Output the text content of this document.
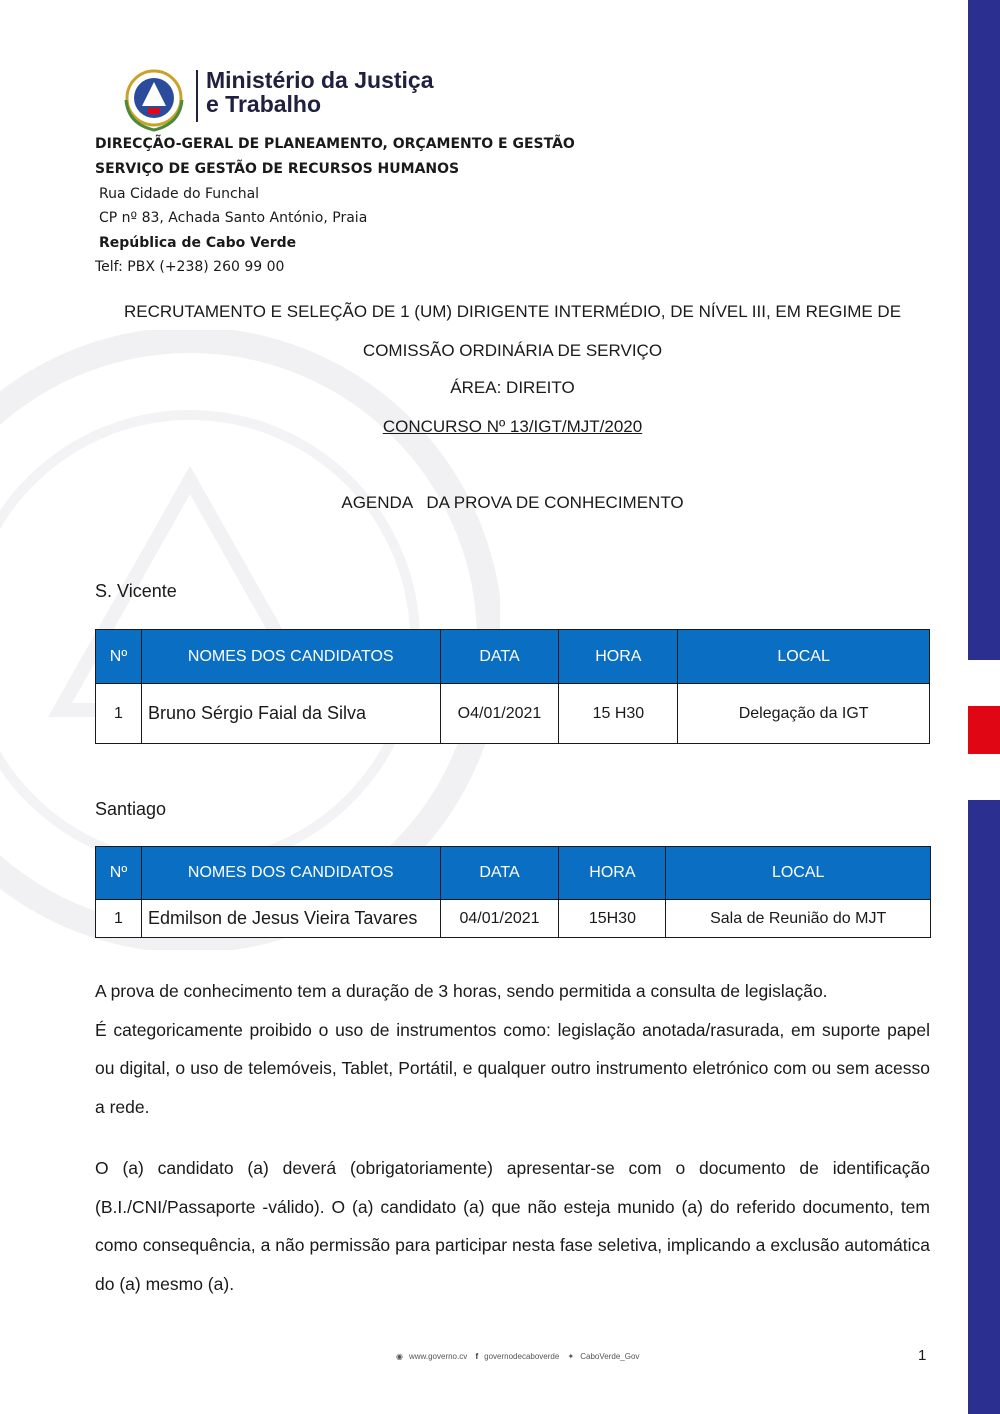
Ministério da Justiça
e Trabalho
DIRECÇÃO-GERAL DE PLANEAMENTO, ORÇAMENTO E GESTÃO
SERVIÇO DE GESTÃO DE RECURSOS HUMANOS
Rua Cidade do Funchal
CP nº 83, Achada Santo António, Praia
República de Cabo Verde
Telf: PBX (+238) 260 99 00
RECRUTAMENTO E SELEÇÃO DE 1 (UM) DIRIGENTE INTERMÉDIO, DE NÍVEL III, EM REGIME DE
COMISSÃO ORDINÁRIA DE SERVIÇO
ÁREA: DIREITO
CONCURSO Nº 13/IGT/MJT/2020
AGENDA   DA PROVA DE CONHECIMENTO
S. Vicente
Nº	NOMES DOS CANDIDATOS	DATA	HORA	LOCAL
1	Bruno Sérgio Faial da Silva	O4/01/2021	15 H30	Delegação da IGT
Santiago
Nº	NOMES DOS CANDIDATOS	DATA	HORA	LOCAL
1	Edmilson de Jesus Vieira Tavares	04/01/2021	15H30	Sala de Reunião do MJT

A prova de conhecimento tem a duração de 3 horas, sendo permitida a consulta de legislação.

É categoricamente proibido o uso de instrumentos como: legislação anotada/rasurada, em suporte papel ou digital, o uso de telemóveis, Tablet, Portátil, e qualquer outro instrumento eletrónico com ou sem acesso a rede.

O (a) candidato (a) deverá (obrigatoriamente) apresentar-se com o documento de identificação (B.I./CNI/Passaporte -válido). O (a) candidato (a) que não esteja munido (a) do referido documento, tem como consequência, a não permissão para participar nesta fase seletiva, implicando a exclusão automática do (a) mesmo (a).
◉ www.governo.cv f governodecaboverde ✦ CaboVerde_Gov	1
